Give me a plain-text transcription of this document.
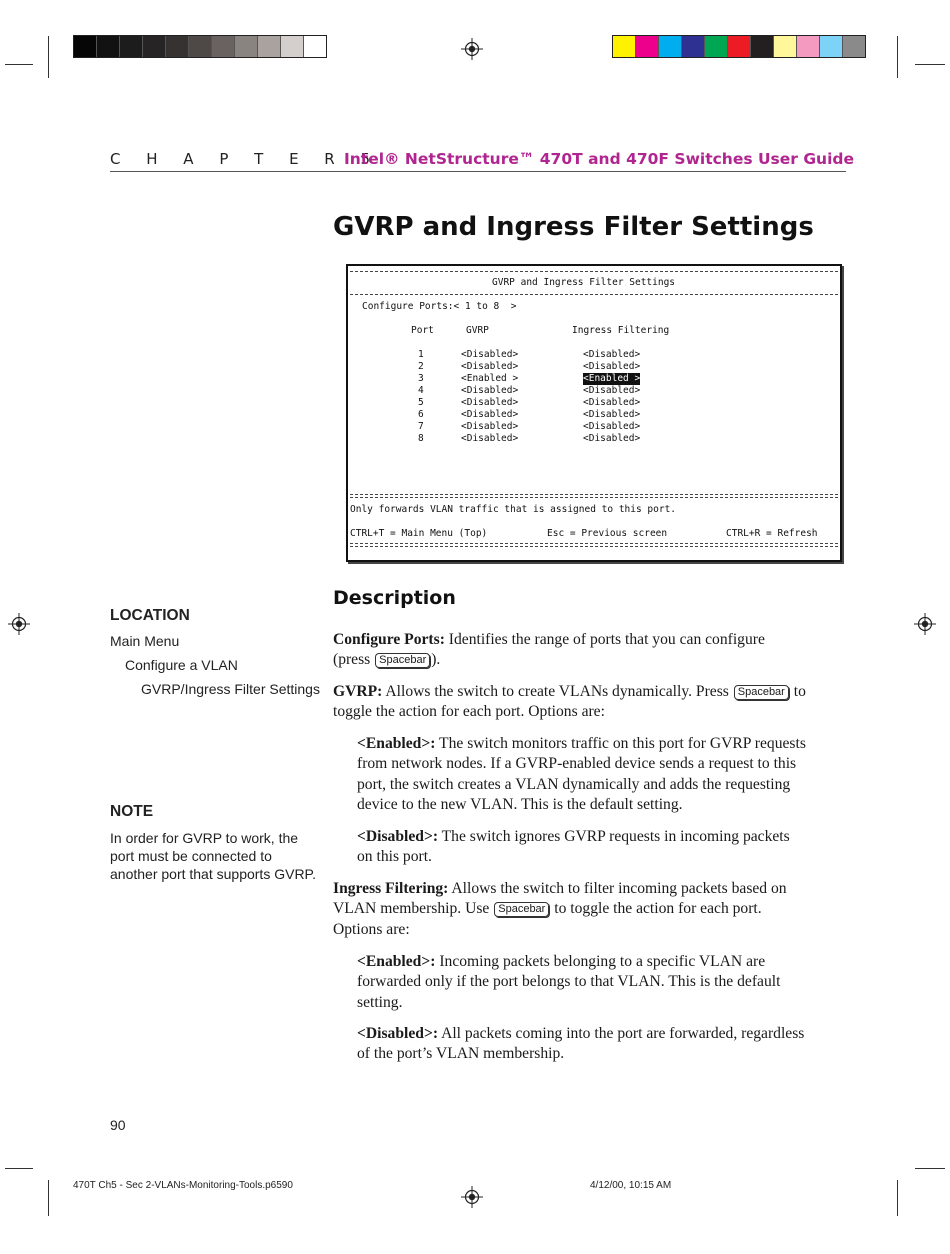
C H A P T E R 5
Intel® NetStructure™ 470T and 470F Switches User Guide
GVRP and Ingress Filter Settings
GVRP and Ingress Filter Settings
Configure Ports:< 1 to 8  >
Port	GVRP	Ingress Filtering
1	<Disabled>	<Disabled>
2	<Disabled>	<Disabled>
3	<Enabled >	<Enabled >
4	<Disabled>	<Disabled>
5	<Disabled>	<Disabled>
6	<Disabled>	<Disabled>
7	<Disabled>	<Disabled>
8	<Disabled>	<Disabled>
Only forwards VLAN traffic that is assigned to this port.
CTRL+T = Main Menu (Top)	Esc = Previous screen	CTRL+R = Refresh
LOCATION
Main Menu
Configure a VLAN
GVRP/Ingress Filter Settings
NOTE
In order for GVRP to work, the
port must be connected to
another port that supports GVRP.
Description
Configure Ports: Identifies the range of ports that you can configure
(press Spacebar ).
GVRP: Allows the switch to create VLANs dynamically. Press Spacebar to
toggle the action for each port. Options are:
<Enabled>: The switch monitors traffic on this port for GVRP requests
from network nodes. If a GVRP-enabled device sends a request to this
port, the switch creates a VLAN dynamically and adds the requesting
device to the new VLAN. This is the default setting.
<Disabled>: The switch ignores GVRP requests in incoming packets
on this port.
Ingress Filtering: Allows the switch to filter incoming packets based on
VLAN membership. Use Spacebar to toggle the action for each port.
Options are:
<Enabled>: Incoming packets belonging to a specific VLAN are
forwarded only if the port belongs to that VLAN. This is the default
setting.
<Disabled>: All packets coming into the port are forwarded, regardless
of the port’s VLAN membership.
90
470T Ch5 - Sec 2-VLANs-Monitoring-Tools.p6590	4/12/00, 10:15 AM
